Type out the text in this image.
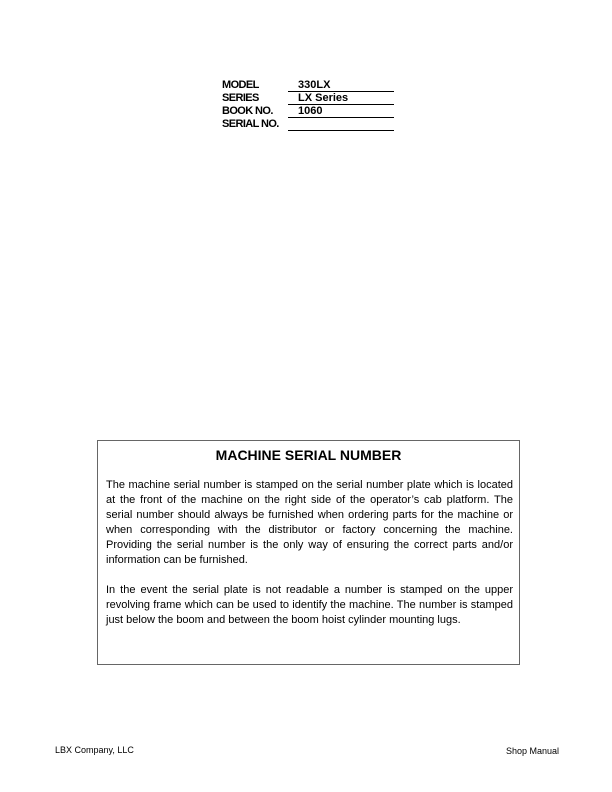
MODEL	330LX
SERIES	LX Series
BOOK NO. 1060
SERIAL NO.
MACHINE SERIAL NUMBER

The machine serial number is stamped on the serial number plate which is located at the front of the machine on the right side of the operator’s cab platform. The serial number should always be furnished when ordering parts for the machine or when corresponding with the distributor or factory concerning the machine. Providing the serial number is the only way of ensuring the correct parts and/or information can be furnished.

In the event the serial plate is not readable a number is stamped on the upper revolving frame which can be used to identify the machine. The number is stamped just below the boom and between the boom hoist cylinder mounting lugs.

LBX Company, LLC	Shop Manual
